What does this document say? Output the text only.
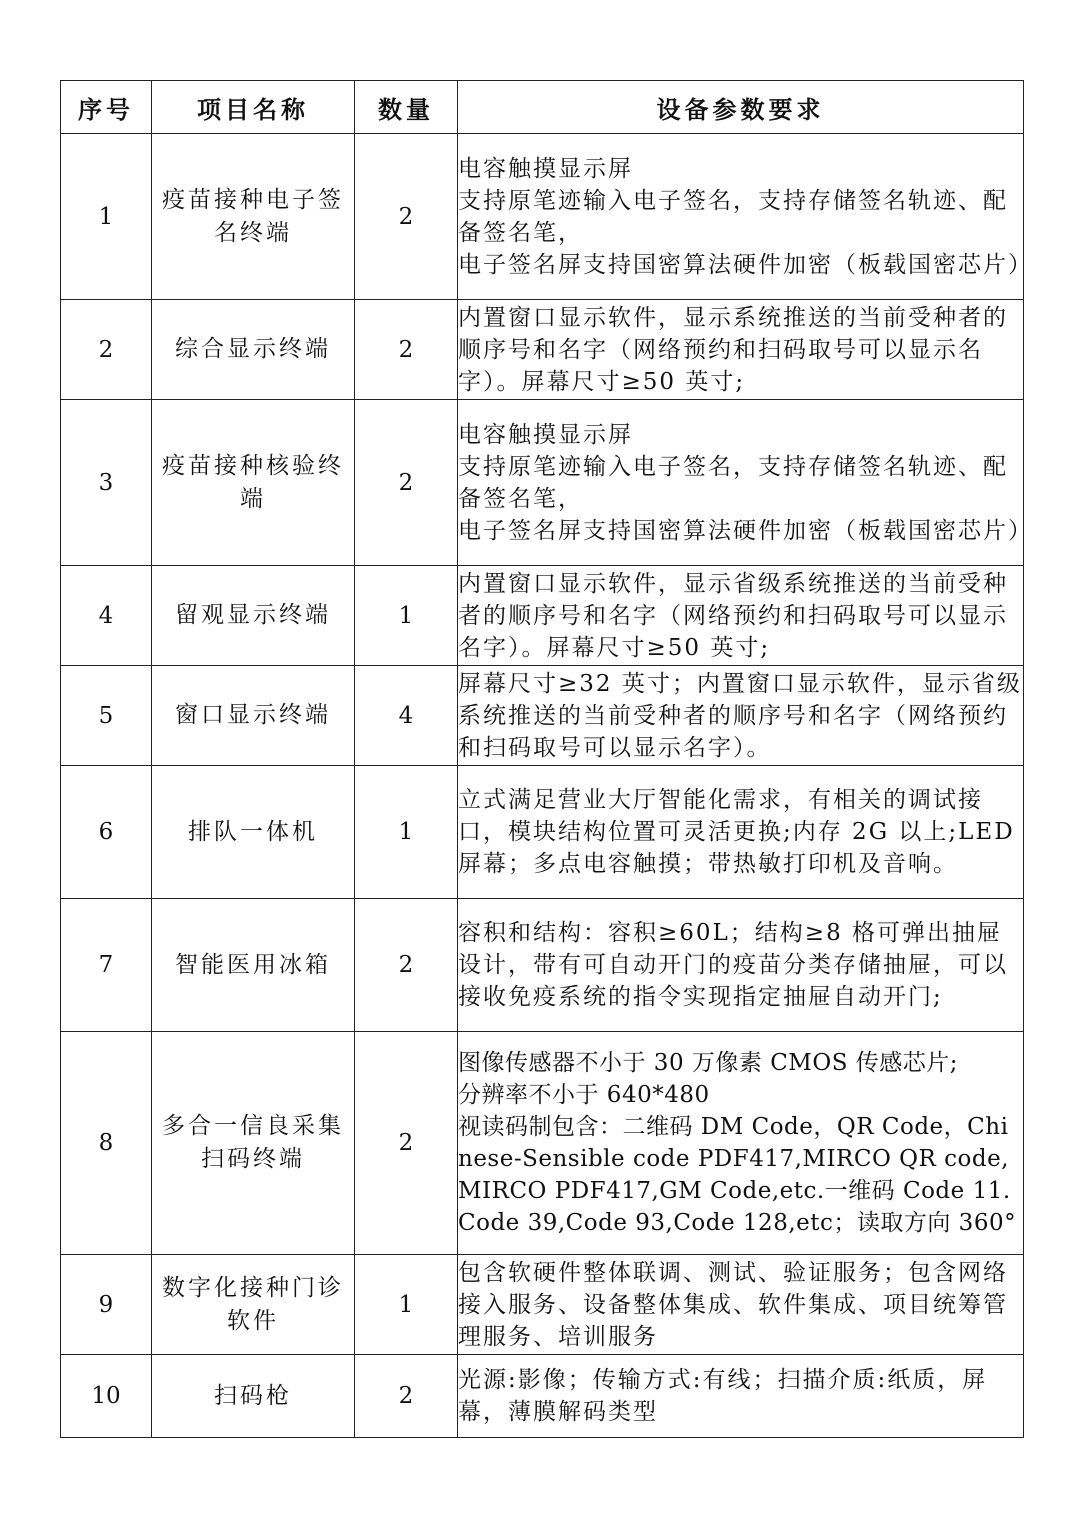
序号	项目名称	数量	设备参数要求
1	疫苗接种电子签名终端	2	电容触摸显示屏
支持原笔迹输入电子签名，支持存储签名轨迹、配备签名笔，
电子签名屏支持国密算法硬件加密（板载国密芯片）

2	综合显示终端	2	内置窗口显示软件，显示系统推送的当前受种者的顺序号和名字（网络预约和扫码取号可以显示名字）。屏幕尺寸≥50 英寸;

3	疫苗接种核验终端	2	电容触摸显示屏
支持原笔迹输入电子签名，支持存储签名轨迹、配备签名笔，
电子签名屏支持国密算法硬件加密（板载国密芯片）

4	留观显示终端	1	内置窗口显示软件，显示省级系统推送的当前受种者的顺序号和名字（网络预约和扫码取号可以显示名字）。屏幕尺寸≥50 英寸;

5	窗口显示终端	4	屏幕尺寸≥32 英寸；内置窗口显示软件，显示省级系统推送的当前受种者的顺序号和名字（网络预约和扫码取号可以显示名字）。

6	排队一体机	1	立式满足营业大厅智能化需求，有相关的调试接口，模块结构位置可灵活更换;内存 2G 以上;LED 屏幕；多点电容触摸；带热敏打印机及音响。

7	智能医用冰箱	2	容积和结构：容积≥60L；结构≥8 格可弹出抽屉设计，带有可自动开门的疫苗分类存储抽屉，可以接收免疫系统的指令实现指定抽屉自动开门;

8	多合一信良采集扫码终端	2	图像传感器不小于 30 万像素 CMOS 传感芯片;
分辨率不小于 640*480
视读码制包含：二维码 DM Code，QR Code，Chinese-Sensible code PDF417,MIRCO QR code, MIRCO PDF417,GM Code,etc.一维码 Code 11.Code 39,Code 93,Code 128,etc；读取方向 360°

9	数字化接种门诊软件	1	包含软硬件整体联调、测试、验证服务；包含网络接入服务、设备整体集成、软件集成、项目统筹管理服务、培训服务

10	扫码枪	2	光源:影像；传输方式:有线；扫描介质:纸质，屏幕，薄膜解码类型
